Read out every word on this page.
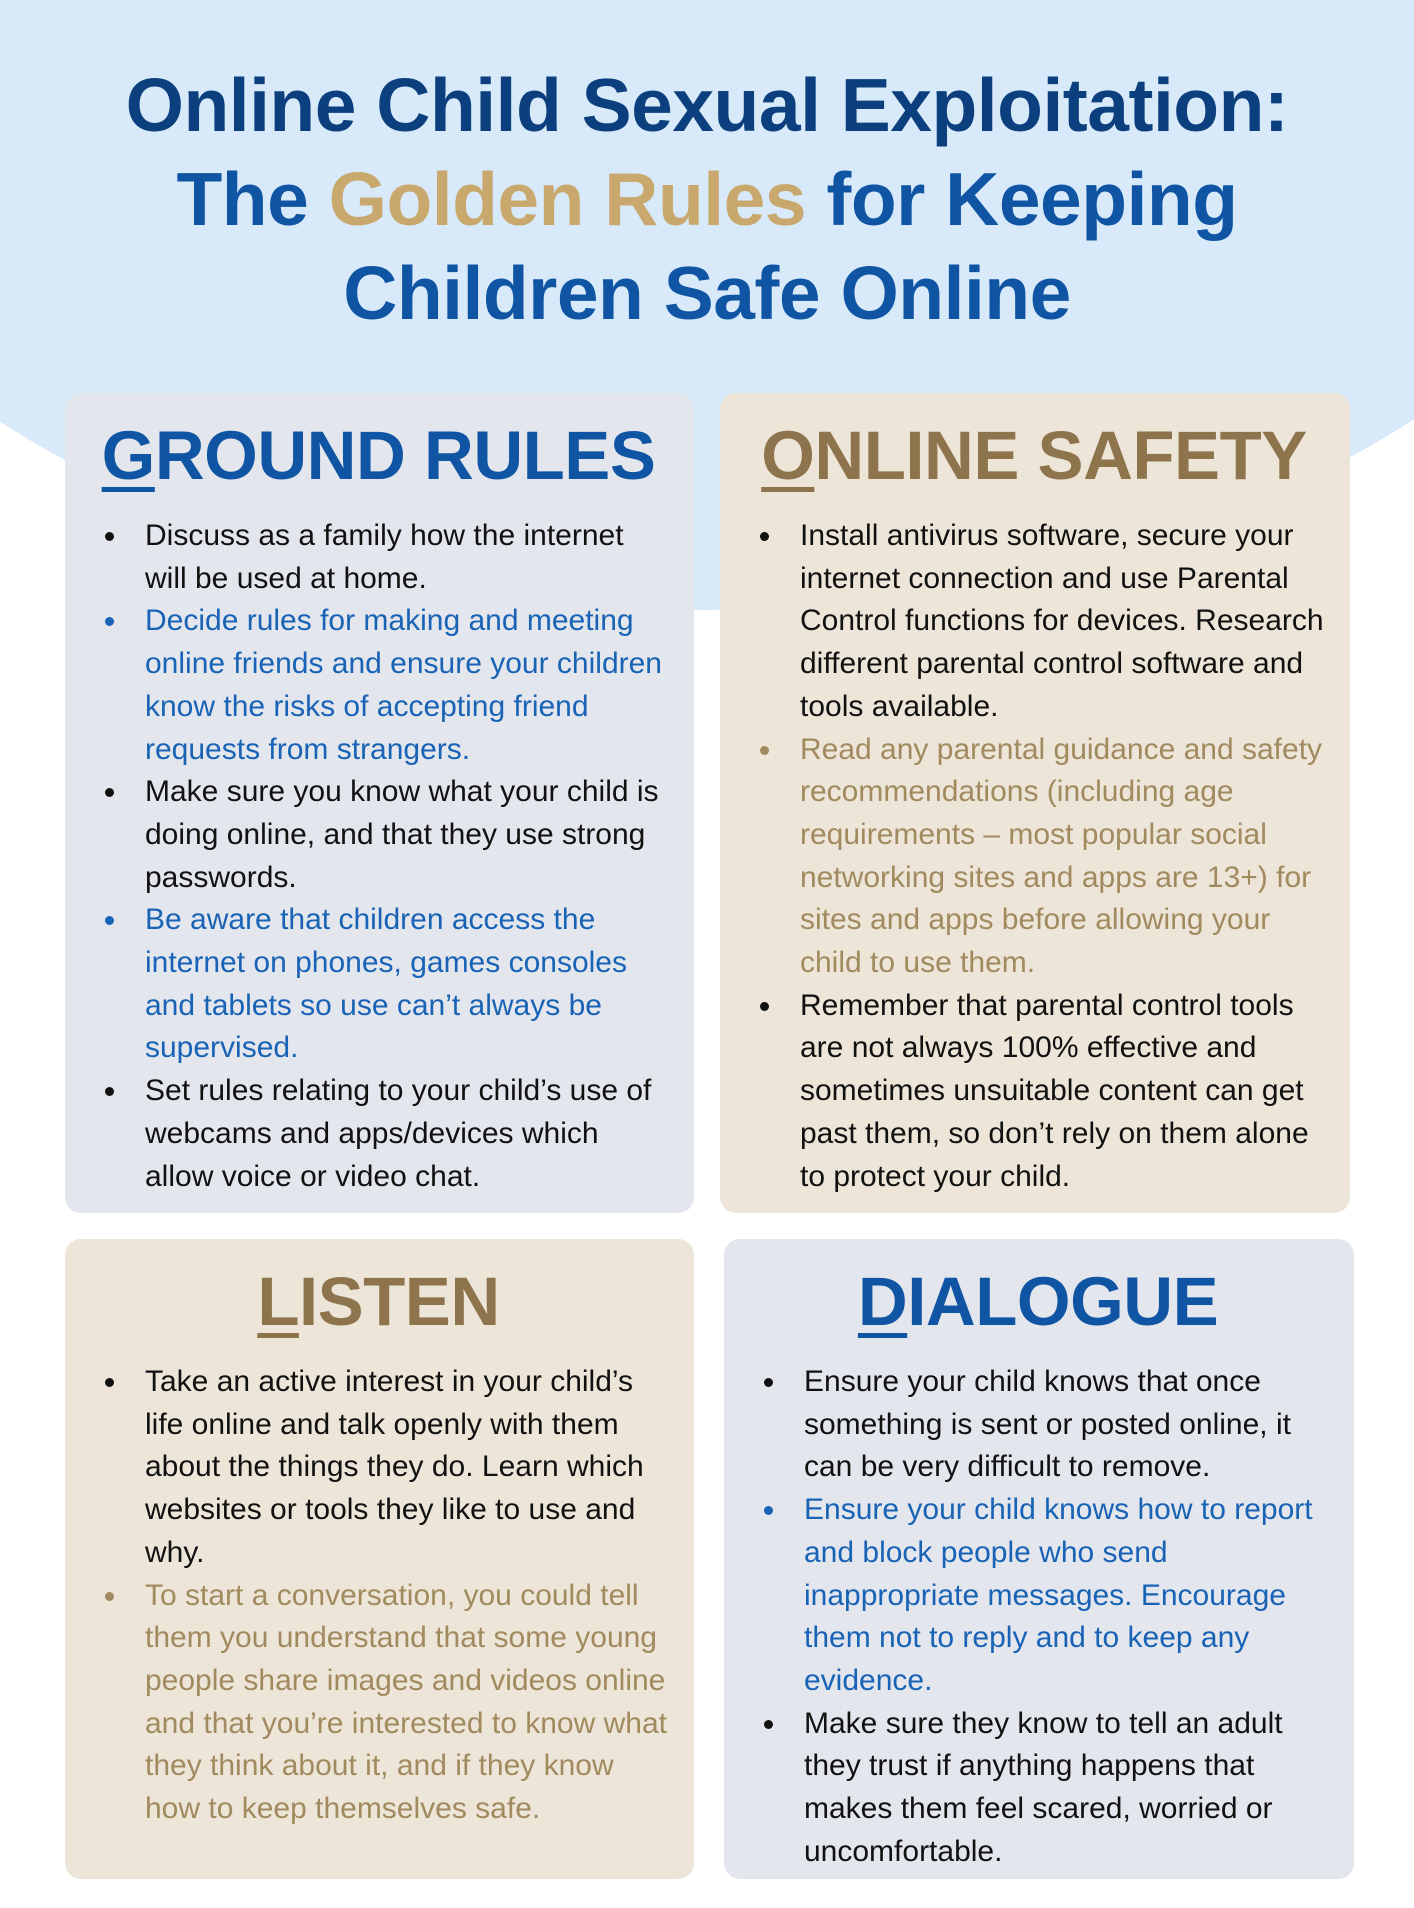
Online Child Sexual Exploitation:
The Golden Rules for Keeping
Children Safe Online
GROUND RULES
Discuss as a family how the internet will be used at home.
Decide rules for making and meeting online friends and ensure your children know the risks of accepting friend requests from strangers.
Make sure you know what your child is doing online, and that they use strong passwords.
Be aware that children access the internet on phones, games consoles and tablets so use can’t always be supervised.
Set rules relating to your child’s use of webcams and apps/devices which allow voice or video chat.
ONLINE SAFETY
Install antivirus software, secure your internet connection and use Parental Control functions for devices. Research different parental control software and tools available.
Read any parental guidance and safety recommendations (including age requirements – most popular social networking sites and apps are 13+) for sites and apps before allowing your child to use them.
Remember that parental control tools are not always 100% effective and sometimes unsuitable content can get past them, so don’t rely on them alone to protect your child.
LISTEN
Take an active interest in your child’s life online and talk openly with them about the things they do. Learn which websites or tools they like to use and why.
To start a conversation, you could tell them you understand that some young people share images and videos online and that you’re interested to know what they think about it, and if they know how to keep themselves safe.
DIALOGUE
Ensure your child knows that once something is sent or posted online, it can be very difficult to remove.
Ensure your child knows how to report and block people who send inappropriate messages. Encourage them not to reply and to keep any evidence.
Make sure they know to tell an adult they trust if anything happens that makes them feel scared, worried or uncomfortable.
